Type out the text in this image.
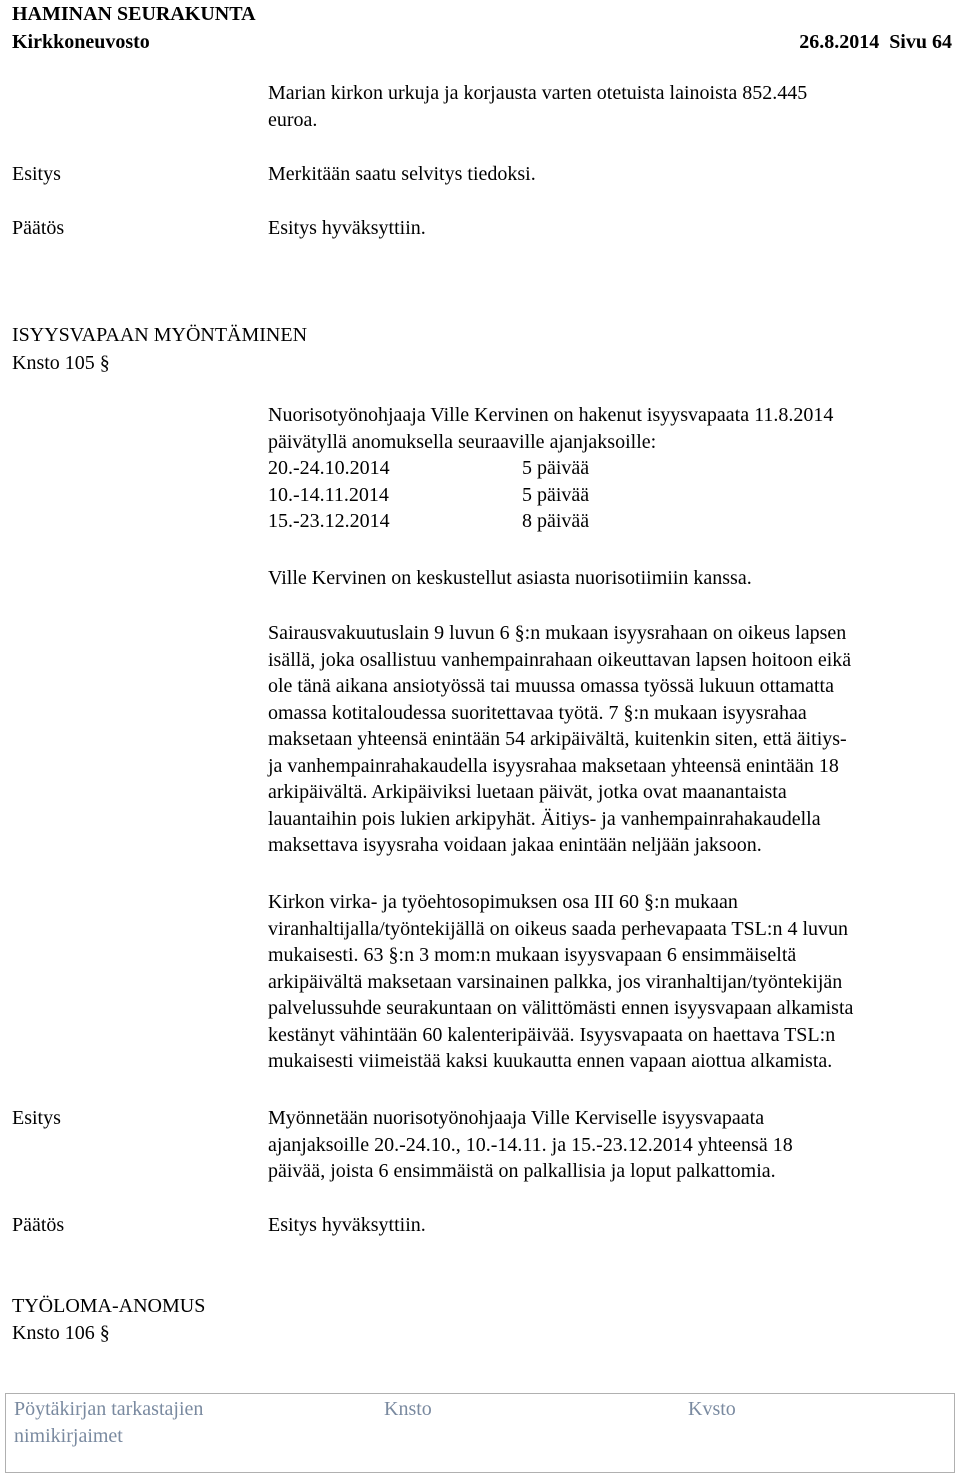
HAMINAN SEURAKUNTA
Kirkkoneuvosto	26.8.2014  Sivu 64

Marian kirkon urkuja ja korjausta varten otetuista lainoista 852.445

euroa.

Esitys	Merkitään saatu selvitys tiedoksi.
Päätös	Esitys hyväksyttiin.
ISYYSVAPAAN MYÖNTÄMINEN
Knsto 105 §

Nuorisotyönohjaaja Ville Kervinen on hakenut isyysvapaata 11.8.2014

päivätyllä anomuksella seuraaville ajanjaksoille:

20.-24.10.2014	5 päivää

10.-14.11.2014	5 päivää

15.-23.12.2014	8 päivää

Ville Kervinen on keskustellut asiasta nuorisotiimiin kanssa.

Sairausvakuutuslain 9 luvun 6 §:n mukaan isyysrahaan on oikeus lapsen

isällä, joka osallistuu vanhempainrahaan oikeuttavan lapsen hoitoon eikä

ole tänä aikana ansiotyössä tai muussa omassa työssä lukuun ottamatta

omassa kotitaloudessa suoritettavaa työtä. 7 §:n mukaan isyysrahaa

maksetaan yhteensä enintään 54 arkipäivältä, kuitenkin siten, että äitiys-

ja vanhempainrahakaudella isyysrahaa maksetaan yhteensä enintään 18

arkipäivältä. Arkipäiviksi luetaan päivät, jotka ovat maanantaista

lauantaihin pois lukien arkipyhät. Äitiys- ja vanhempainrahakaudella

maksettava isyysraha voidaan jakaa enintään neljään jaksoon.

Kirkon virka- ja työehtosopimuksen osa III 60 §:n mukaan

viranhaltijalla/työntekijällä on oikeus saada perhevapaata TSL:n 4 luvun

mukaisesti. 63 §:n 3 mom:n mukaan isyysvapaan 6 ensimmäiseltä

arkipäivältä maksetaan varsinainen palkka, jos viranhaltijan/työntekijän

palvelussuhde seurakuntaan on välittömästi ennen isyysvapaan alkamista

kestänyt vähintään 60 kalenteripäivää. Isyysvapaata on haettava TSL:n

mukaisesti viimeistää kaksi kuukautta ennen vapaan aiottua alkamista.

Esitys	Myönnetään nuorisotyönohjaaja Ville Kerviselle isyysvapaata

ajanjaksoille 20.-24.10., 10.-14.11. ja 15.-23.12.2014 yhteensä 18

päivää, joista 6 ensimmäistä on palkallisia ja loput palkattomia.

Päätös	Esitys hyväksyttiin.
TYÖLOMA-ANOMUS
Knsto 106 §
Pöytäkirjan tarkastajien
nimikirjaimet
Knsto	Kvsto
